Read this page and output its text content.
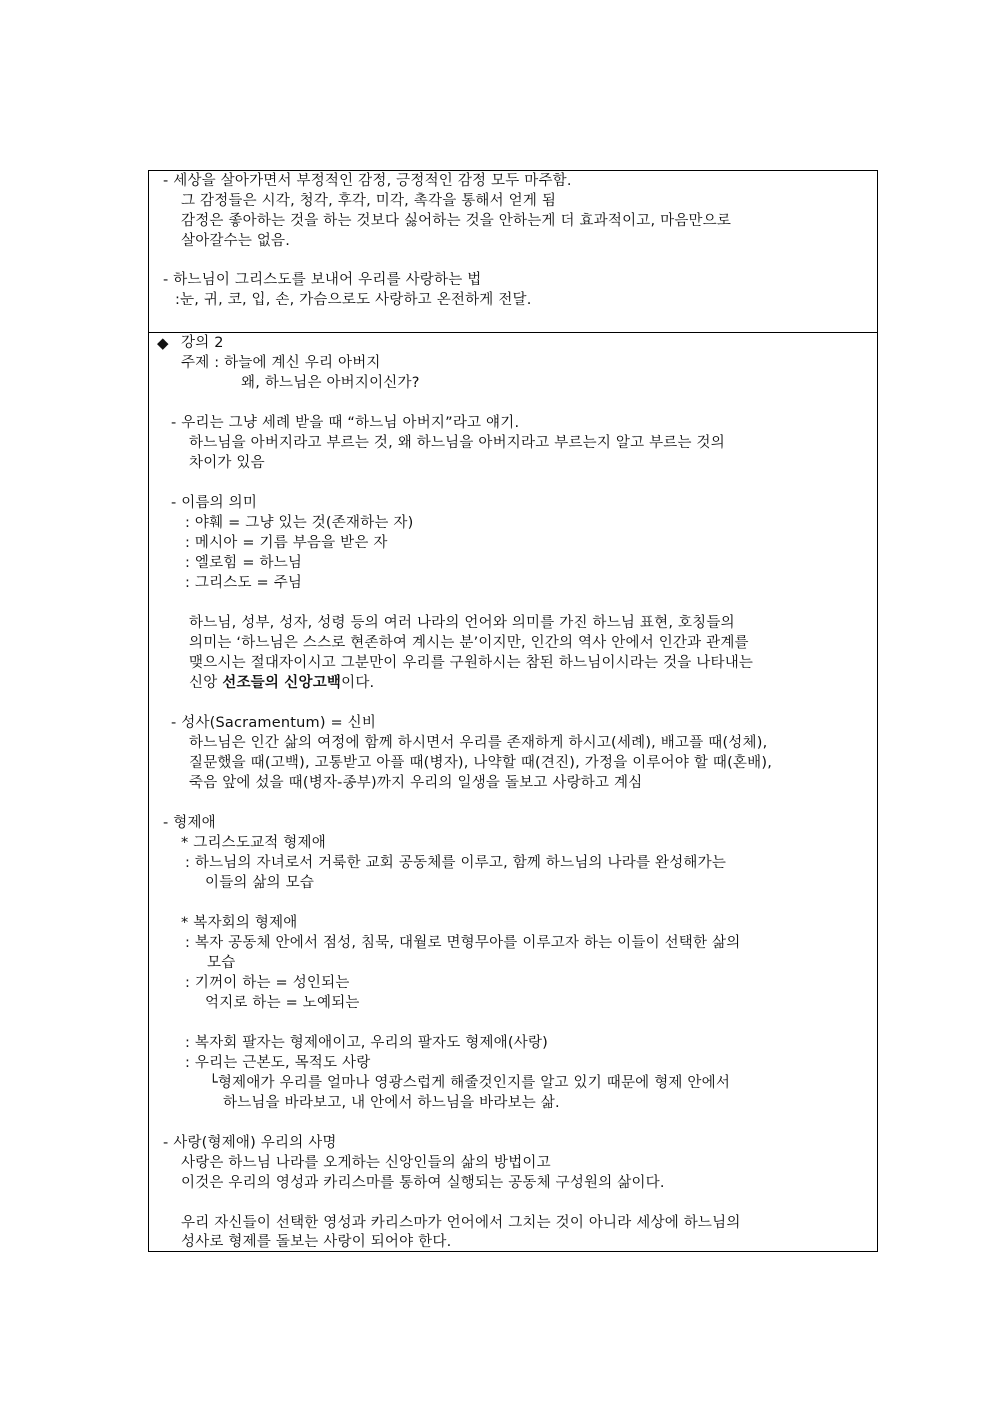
- 세상을 살아가면서 부정적인 감정, 긍정적인 감정 모두 마주함.
그 감정들은 시각, 청각, 후각, 미각, 촉각을 통해서 얻게 됨
감정은 좋아하는 것을 하는 것보다 싫어하는 것을 안하는게 더 효과적이고, 마음만으로
살아갈수는 없음.
- 하느님이 그리스도를 보내어 우리를 사랑하는 법
:눈, 귀, 코, 입, 손, 가슴으로도 사랑하고 온전하게 전달.
◆ 강의 2
주제 : 하늘에 계신 우리 아버지
왜, 하느님은 아버지이신가?
- 우리는 그냥 세례 받을 때 “하느님 아버지”라고 얘기.
하느님을 아버지라고 부르는 것, 왜 하느님을 아버지라고 부르는지 알고 부르는 것의
차이가 있음
- 이름의 의미
: 야훼 = 그냥 있는 것(존재하는 자)
: 메시아 = 기름 부음을 받은 자
: 엘로힘 = 하느님
: 그리스도 = 주님
하느님, 성부, 성자, 성령 등의 여러 나라의 언어와 의미를 가진 하느님 표현, 호칭들의
의미는 ‘하느님은 스스로 현존하여 계시는 분’이지만, 인간의 역사 안에서 인간과 관계를
맺으시는 절대자이시고 그분만이 우리를 구원하시는 참된 하느님이시라는 것을 나타내는
신앙 선조들의 신앙고백이다.
- 성사(Sacramentum) = 신비
하느님은 인간 삶의 여정에 함께 하시면서 우리를 존재하게 하시고(세례), 배고플 때(성체),
질문했을 때(고백), 고통받고 아플 때(병자), 나약할 때(견진), 가정을 이루어야 할 때(혼배),
죽음 앞에 섰을 때(병자-종부)까지 우리의 일생을 돌보고 사랑하고 계심
- 형제애
* 그리스도교적 형제애
: 하느님의 자녀로서 거룩한 교회 공동체를 이루고, 함께 하느님의 나라를 완성해가는
이들의 삶의 모습
* 복자회의 형제애
: 복자 공동체 안에서 점성, 침묵, 대월로 면형무아를 이루고자 하는 이들이 선택한 삶의
모습
: 기꺼이 하는 = 성인되는
억지로 하는 = 노예되는
: 복자회 팔자는 형제애이고, 우리의 팔자도 형제애(사랑)
: 우리는 근본도, 목적도 사랑
└형제애가 우리를 얼마나 영광스럽게 해줄것인지를 알고 있기 때문에 형제 안에서
하느님을 바라보고, 내 안에서 하느님을 바라보는 삶.
- 사랑(형제애) 우리의 사명
사랑은 하느님 나라를 오게하는 신앙인들의 삶의 방법이고
이것은 우리의 영성과 카리스마를 통하여 실행되는 공동체 구성원의 삶이다.
우리 자신들이 선택한 영성과 카리스마가 언어에서 그치는 것이 아니라 세상에 하느님의
성사로 형제를 돌보는 사랑이 되어야 한다.
